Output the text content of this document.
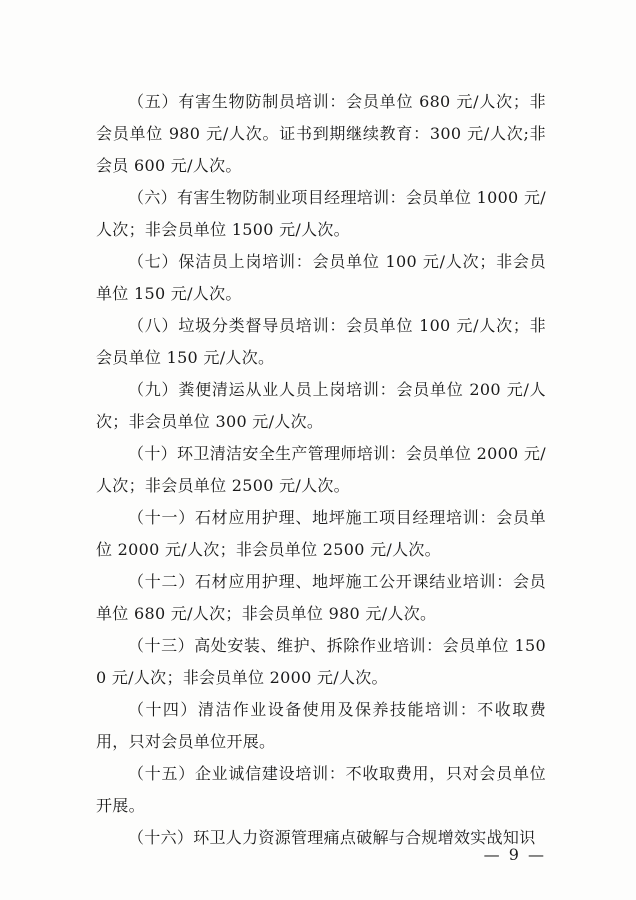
（五）有害生物防制员培训：会员单位 680 元/人次；非会员单位 980 元/人次。证书到期继续教育：300 元/人次;非会员 600 元/人次。

（六）有害生物防制业项目经理培训：会员单位 1000 元/人次；非会员单位 1500 元/人次。

（七）保洁员上岗培训：会员单位 100 元/人次；非会员单位 150 元/人次。

（八）垃圾分类督导员培训：会员单位 100 元/人次；非会员单位 150 元/人次。

（九）粪便清运从业人员上岗培训：会员单位 200 元/人次；非会员单位 300 元/人次。

（十）环卫清洁安全生产管理师培训：会员单位 2000 元/人次；非会员单位 2500 元/人次。

（十一）石材应用护理、地坪施工项目经理培训：会员单位 2000 元/人次；非会员单位 2500 元/人次。

（十二）石材应用护理、地坪施工公开课结业培训：会员单位 680 元/人次；非会员单位 980 元/人次。

（十三）高处安装、维护、拆除作业培训：会员单位 1500 元/人次；非会员单位 2000 元/人次。

（十四）清洁作业设备使用及保养技能培训：不收取费用，只对会员单位开展。

（十五）企业诚信建设培训：不收取费用，只对会员单位开展。

（十六）环卫人力资源管理痛点破解与合规增效实战知识

— 9 —
